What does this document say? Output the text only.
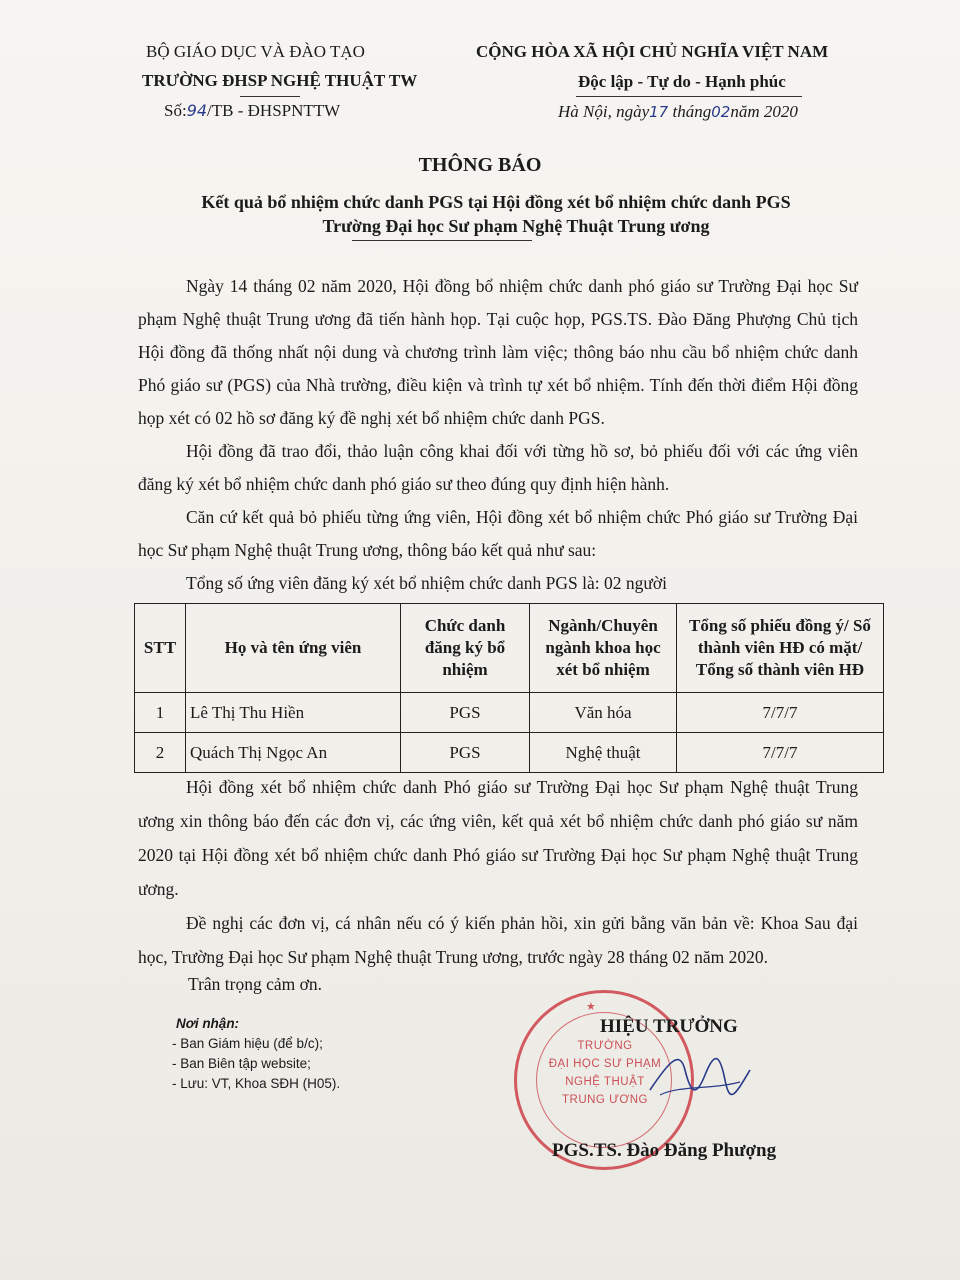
BỘ GIÁO DỤC VÀ ĐÀO TẠO
TRƯỜNG ĐHSP NGHỆ THUẬT TW
Số:94/TB - ĐHSPNTTW
CỘNG HÒA XÃ HỘI CHỦ NGHĨA VIỆT NAM
Độc lập - Tự do - Hạnh phúc
Hà Nội, ngày17 tháng02năm 2020
THÔNG BÁO
Kết quả bổ nhiệm chức danh PGS tại Hội đồng xét bổ nhiệm chức danh PGS
Trường Đại học Sư phạm Nghệ Thuật Trung ương

Ngày 14 tháng 02 năm 2020, Hội đồng bổ nhiệm chức danh phó giáo sư Trường Đại học Sư phạm Nghệ thuật Trung ương đã tiến hành họp. Tại cuộc họp, PGS.TS. Đào Đăng Phượng Chủ tịch Hội đồng đã thống nhất nội dung và chương trình làm việc; thông báo nhu cầu bổ nhiệm chức danh Phó giáo sư (PGS) của Nhà trường, điều kiện và trình tự xét bổ nhiệm. Tính đến thời điểm Hội đồng họp xét có 02 hồ sơ đăng ký đề nghị xét bổ nhiệm chức danh PGS.

Hội đồng đã trao đổi, thảo luận công khai đối với từng hồ sơ, bỏ phiếu đối với các ứng viên đăng ký xét bổ nhiệm chức danh phó giáo sư theo đúng quy định hiện hành.

Căn cứ kết quả bỏ phiếu từng ứng viên, Hội đồng xét bổ nhiệm chức Phó giáo sư Trường Đại học Sư phạm Nghệ thuật Trung ương, thông báo kết quả như sau:

Tổng số ứng viên đăng ký xét bổ nhiệm chức danh PGS là: 02 người

STT	Họ và tên ứng viên	Chức danh đăng ký bổ nhiệm	Ngành/Chuyên ngành khoa học xét bổ nhiệm	Tổng số phiếu đồng ý/ Số thành viên HĐ có mặt/ Tổng số thành viên HĐ
1	Lê Thị Thu Hiền	PGS	Văn hóa	7/7/7
2	Quách Thị Ngọc An	PGS	Nghệ thuật	7/7/7

Hội đồng xét bổ nhiệm chức danh Phó giáo sư Trường Đại học Sư phạm Nghệ thuật Trung ương xin thông báo đến các đơn vị, các ứng viên, kết quả xét bổ nhiệm chức danh phó giáo sư năm 2020 tại Hội đồng xét bổ nhiệm chức danh Phó giáo sư Trường Đại học Sư phạm Nghệ thuật Trung ương.

Đề nghị các đơn vị, cá nhân nếu có ý kiến phản hồi, xin gửi bằng văn bản về: Khoa Sau đại học, Trường Đại học Sư phạm Nghệ thuật Trung ương, trước ngày 28 tháng 02 năm 2020.

Trân trọng cảm ơn.
Nơi nhận:
- Ban Giám hiệu (để b/c);
- Ban Biên tập website;
- Lưu: VT, Khoa SĐH (H05).
TRƯỜNG
ĐẠI HỌC SƯ PHẠM
NGHỆ THUẬT
TRUNG ƯƠNG
★
HIỆU TRƯỞNG
PGS.TS. Đào Đăng Phượng
